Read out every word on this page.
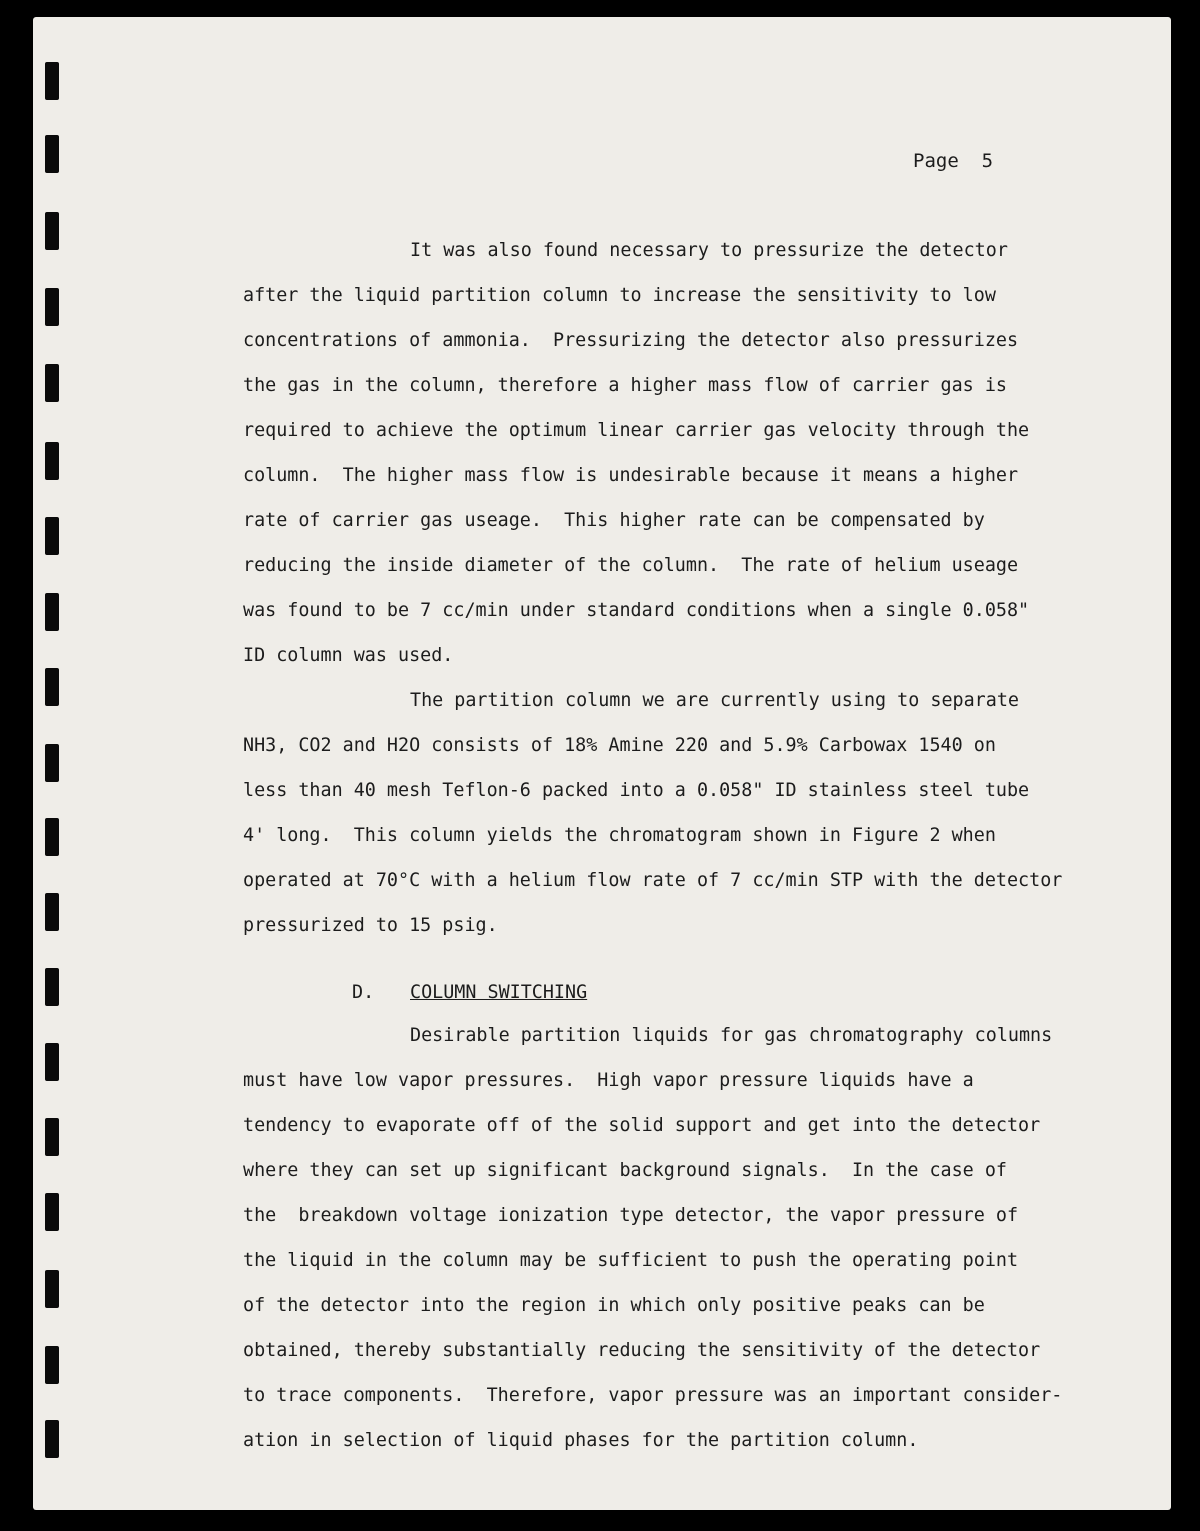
Page  5
It was also found necessary to pressurize the detector
after the liquid partition column to increase the sensitivity to low
concentrations of ammonia.  Pressurizing the detector also pressurizes
the gas in the column, therefore a higher mass flow of carrier gas is
required to achieve the optimum linear carrier gas velocity through the
column.  The higher mass flow is undesirable because it means a higher
rate of carrier gas useage.  This higher rate can be compensated by
reducing the inside diameter of the column.  The rate of helium useage
was found to be 7 cc/min under standard conditions when a single 0.058"
ID column was used.
The partition column we are currently using to separate
NH3, CO2 and H2O consists of 18% Amine 220 and 5.9% Carbowax 1540 on
less than 40 mesh Teflon-6 packed into a 0.058" ID stainless steel tube
4' long.  This column yields the chromatogram shown in Figure 2 when
operated at 70°C with a helium flow rate of 7 cc/min STP with the detector
pressurized to 15 psig.
D. COLUMN SWITCHING
Desirable partition liquids for gas chromatography columns
must have low vapor pressures.  High vapor pressure liquids have a
tendency to evaporate off of the solid support and get into the detector
where they can set up significant background signals.  In the case of
the  breakdown voltage ionization type detector, the vapor pressure of
the liquid in the column may be sufficient to push the operating point
of the detector into the region in which only positive peaks can be
obtained, thereby substantially reducing the sensitivity of the detector
to trace components.  Therefore, vapor pressure was an important consider-
ation in selection of liquid phases for the partition column.
